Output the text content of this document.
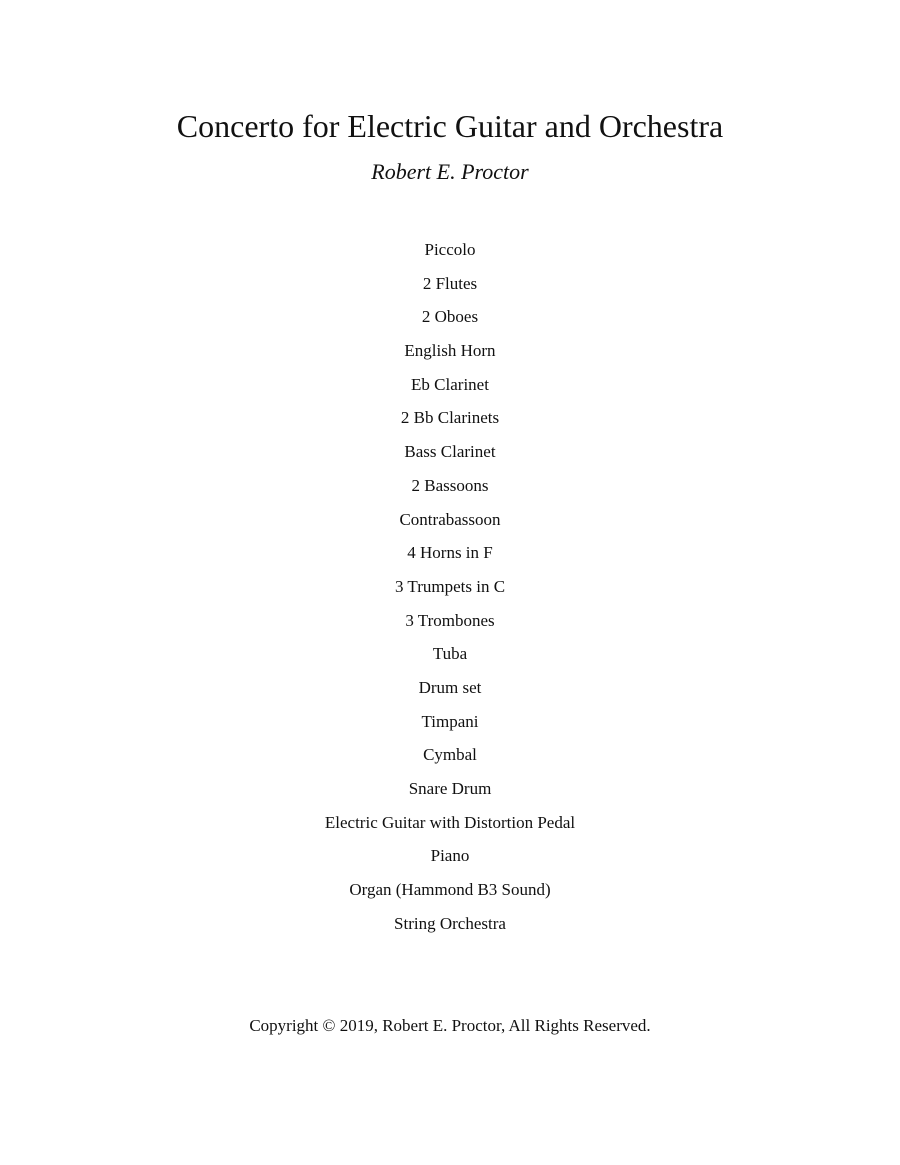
Concerto for Electric Guitar and Orchestra
Robert E. Proctor
Piccolo
2 Flutes
2 Oboes
English Horn
Eb Clarinet
2 Bb Clarinets
Bass Clarinet
2 Bassoons
Contrabassoon
4 Horns in F
3 Trumpets in C
3 Trombones
Tuba
Drum set
Timpani
Cymbal
Snare Drum
Electric Guitar with Distortion Pedal
Piano
Organ (Hammond B3 Sound)
String Orchestra
Copyright © 2019, Robert E. Proctor, All Rights Reserved.
